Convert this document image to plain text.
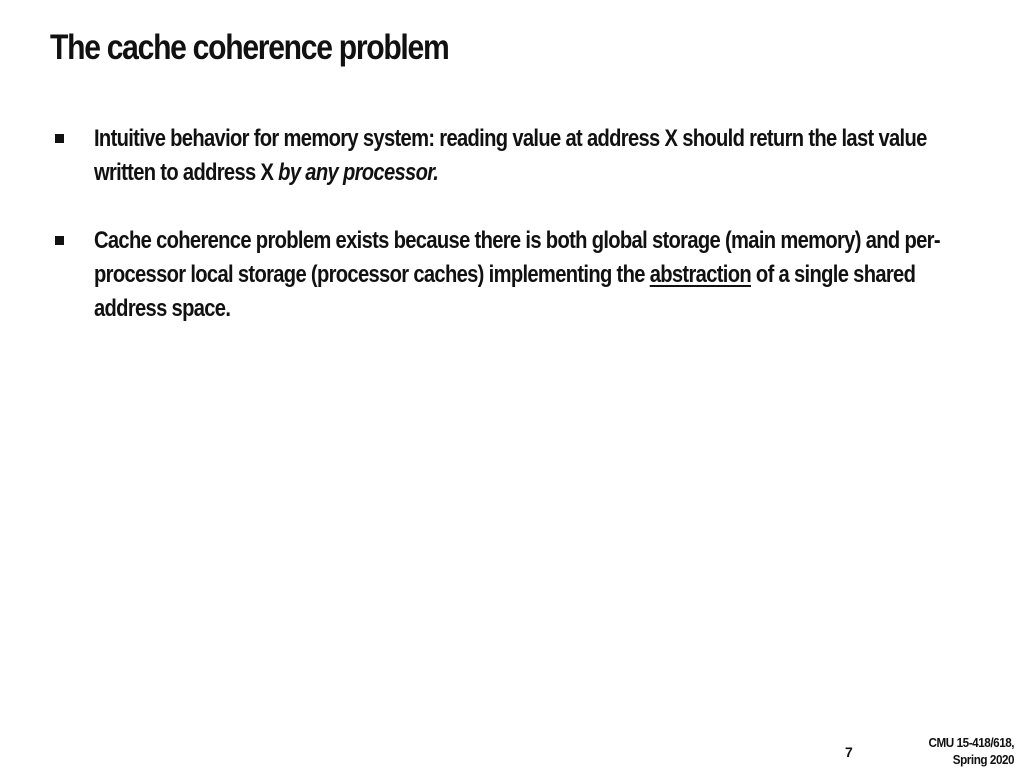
The cache coherence problem
Intuitive behavior for memory system: reading value at address X should return the last value written to address X by any processor.
Cache coherence problem exists because there is both global storage (main memory) and per-processor local storage (processor caches) implementing the abstraction of a single shared address space.
7
CMU 15-418/618,
Spring 2020
